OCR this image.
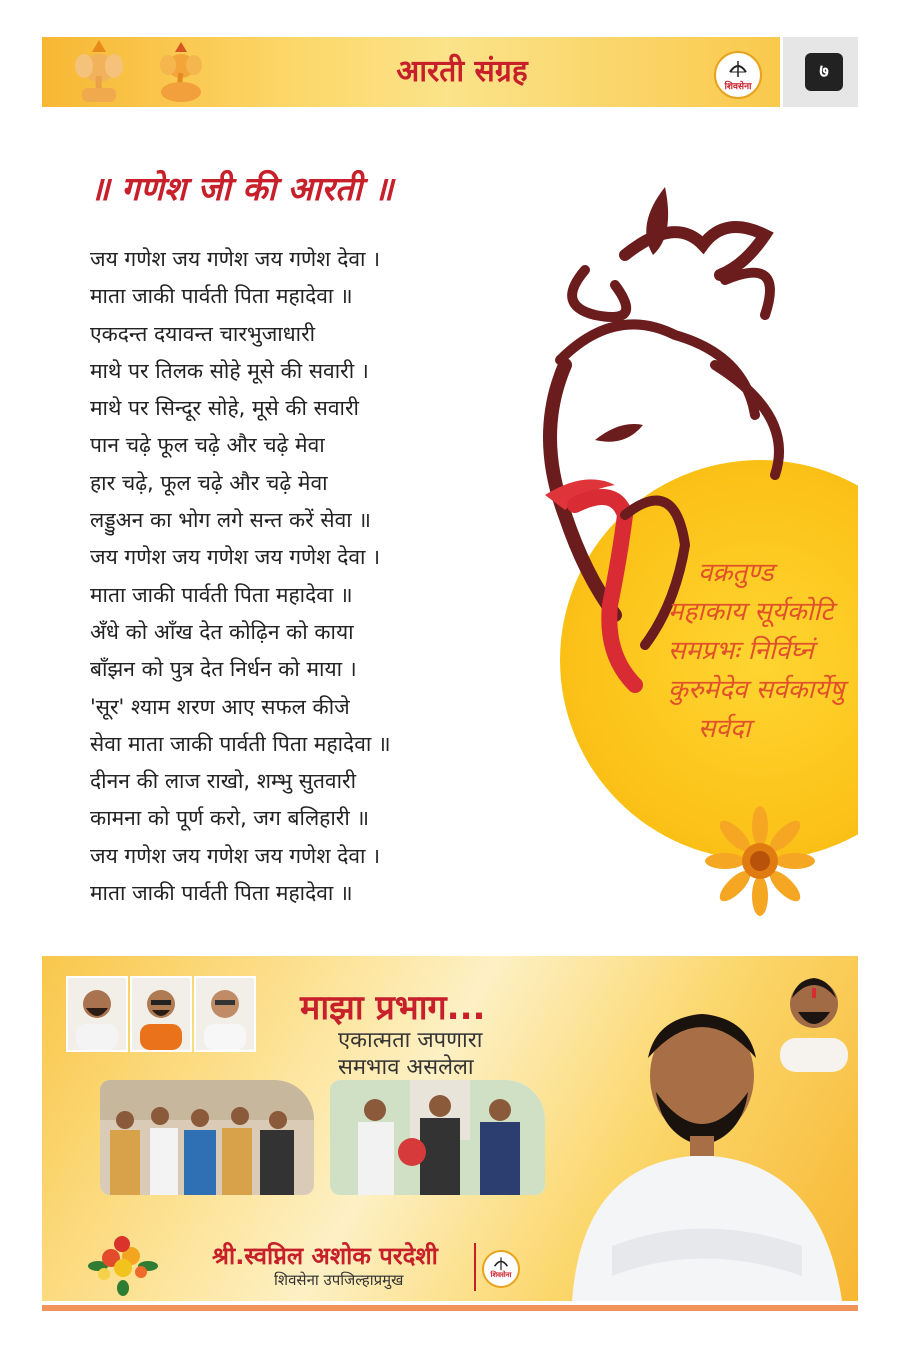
आरती संग्रह	शिवसेना
७
॥ गणेश जी की आरती ॥
जय गणेश जय गणेश जय गणेश देवा ।
माता जाकी पार्वती पिता महादेवा ॥
एकदन्त दयावन्त चारभुजाधारी
माथे पर तिलक सोहे मूसे की सवारी ।
माथे पर सिन्दूर सोहे, मूसे की सवारी
पान चढ़े फूल चढ़े और चढ़े मेवा
हार चढ़े, फूल चढ़े और चढ़े मेवा
लड्डुअन का भोग लगे सन्त करें सेवा ॥
जय गणेश जय गणेश जय गणेश देवा ।
माता जाकी पार्वती पिता महादेवा ॥
अँधे को आँख देत कोढ़िन को काया
बाँझन को पुत्र देत निर्धन को माया ।
'सूर' श्याम शरण आए सफल कीजे
सेवा माता जाकी पार्वती पिता महादेवा ॥
दीनन की लाज राखो, शम्भु सुतवारी
कामना को पूर्ण करो, जग बलिहारी ॥
जय गणेश जय गणेश जय गणेश देवा ।
माता जाकी पार्वती पिता महादेवा ॥
वक्रतुण्ड
महाकाय सूर्यकोटि
समप्रभः निर्विघ्नं
कुरुमेदेव सर्वकार्येषु
सर्वदा
माझा प्रभाग...
एकात्मता जपणारा
समभाव असलेला
श्री.स्वप्निल अशोक परदेशी
शिवसेना उपजिल्हाप्रमुख	शिवसेना
